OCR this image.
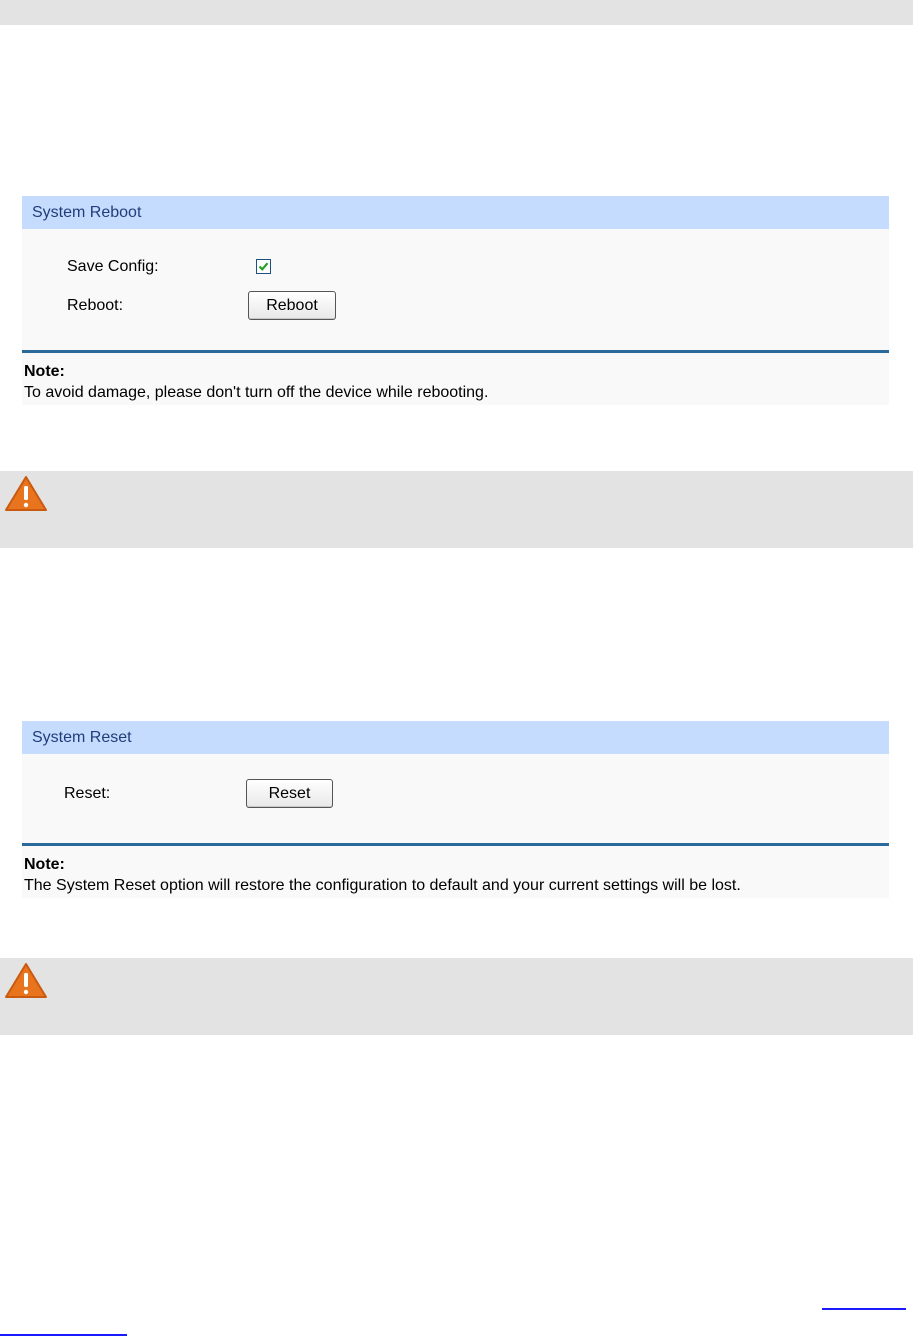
System Reboot
Save Config:
Reboot:	Reboot
Note:
To avoid damage, please don't turn off the device while rebooting.
System Reset
Reset:	Reset
Note:
The System Reset option will restore the configuration to default and your current settings will be lost.
